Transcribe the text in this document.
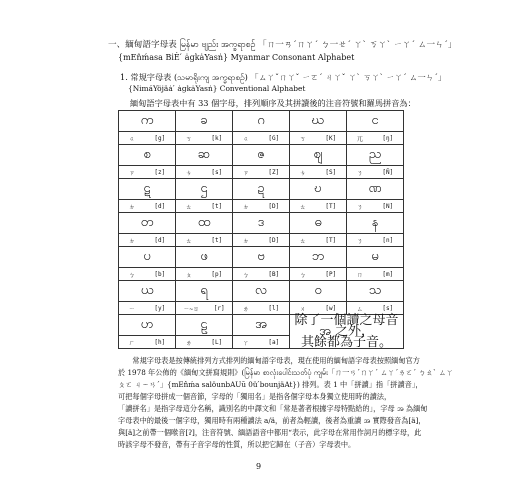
一、緬甸語字母表 မြန်မာ ဗျည်း အက္ခရာစဉ် 「ㄇ一ㄢˊㄇㄚˊ ㄅ一ㄝˊ ㄚˋ ㄎㄚˋ ㄧㄚˊ ㄙ一ㄣˊ」
{mEn̂ḿasa Bi̇Ė ́ ȧgkȧYasṅ} Myanmar Consonant Alphabet
1. 常規字母表 (သမာရိုးကျ အက္ခရာစဉ်) 「ㄙㄚˇㄇㄚˇ ㄧㄛˊ ㄐㄚˇ ㄚˋ ㄎㄚˋ ㄧㄚˊ ㄙ一ㄣˊ」
{NimáYöjäȧ ́ ȧgkȧYasṅ} Conventional Alphabet
緬甸語字母表中有 33 個字母，排列順序及其拼讀後的注音符號和羅馬拼音為：
က	ခ	ဂ	ဃ	င

ㄍ [g]	ㄎ [k]	ㄍ [G]	ㄎ [K]	ㄫ [ŋ]

စ	ဆ	ဇ	ဈ	ည

ㄗ [z]	ㄘ [s]	ㄗ [Z]	ㄘ [S]	ㄋ [Ñ]

ဋ	ဌ	ဍ	ဎ	ဏ

ㄉ [d]	ㄊ [t]	ㄉ [D]	ㄊ [T]	ㄋ [N]

တ	ထ	ဒ	ဓ	န

ㄉ [d]	ㄊ [t]	ㄉ [D]	ㄊ [T]	ㄋ [n]

ပ	ဖ	ဗ	ဘ	မ

ㄅ [b]	ㄆ [p]	ㄅ [B]	ㄅ [P]	ㄇ [m]

ယ	ရ	လ	ဝ	သ

ㄧ [y]	ㄧ~ㄖ [r]	ㄌ [l]	ㄨ [w]	ㄙ [s]

ဟ	ဠ	အ	除了一個讀之母音 အ 之外，
其餘都為子音。	

ㄏ [h]	ㄌ [L]	ㄚ [a]		
常規字母表是按傳統排列方式排列的緬甸語字母表，現在使用的緬甸語字母表按照緬甸官方
於 1978 年公佈的《緬甸文拼寫規則》(မြန်မာ စာလုံးပေါင်းသတ်ပုံ ကျမ်း「ㄇ一ㄢˊㄇㄚˊ ㄙㄚˊㄌㄛˊ ㄅㄠˋ ㄙㄚ
ㄆㄛ ㄐㄧㄢˊ」{mEn̂ḿa salöunbAUȗ 0ü ́bounjäAt}) 排列。表 1 中「拼讀」指「拼讀音」，
可把每個字母拼成一個音節，字母的「獨用名」是指各個字母本身獨立使用時的讀法，
「讀拼名」是指字母這分名稱，識別名的中譯文和「常是著者根據字母特點給的」，字母 အ 為緬甸
字母表中的最後一個字母，獨用時有兩種讀法 a/ä，前者為輕讀，後者為重讀 အ 實際發音為[ä]，
與[ä]之前帶一個喉音[ʔ]，注音符號、緬語語音中都用“表示，此字母在常用作詞月的標字母，此
時該字母不發音，帶有子音字母的性質，所以把它歸在（子音）字母表中。
9
